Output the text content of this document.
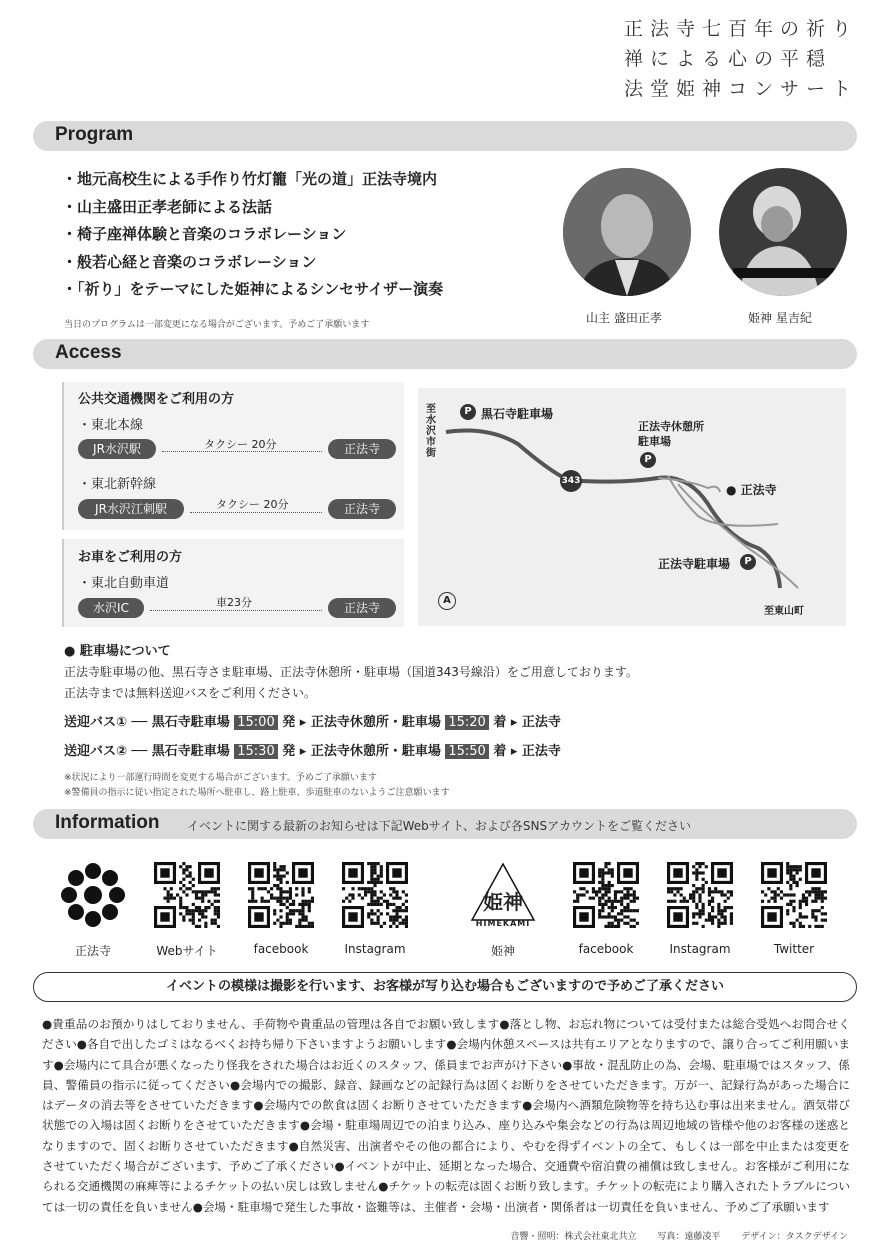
正法寺七百年の祈り
禅による心の平穏
法堂姫神コンサート
Program
・地元高校生による手作り竹灯籠「光の道」正法寺境内
・山主盛田正孝老師による法話
・椅子座禅体験と音楽のコラボレーション
・般若心経と音楽のコラボレーション
・「祈り」をテーマにした姫神によるシンセサイザー演奏
当日のプログラムは一部変更になる場合がございます。予めご了承願います	山主 盛田正孝	姫神 星吉紀
Access
公共交通機関をご利用の方
・東北本線
JR水沢駅	タクシー 20分	正法寺
・東北新幹線
JR水沢江刺駅	タクシー 20分	正法寺
お車をご利用の方
・東北自動車道
水沢IC	車23分	正法寺
P 黒石寺駐車場
正法寺休憩所
駐車場
P
343
● 正法寺
正法寺駐車場	P
至水沢市街
至東山町
A
● 駐車場について
正法寺駐車場の他、黒石寺さま駐車場、正法寺休憩所・駐車場（国道343号線沿）をご用意しております。
正法寺までは無料送迎バスをご利用ください。
送迎バス① ── 黒石寺駐車場 15:00 発 ▸ 正法寺休憩所・駐車場 15:20 着 ▸ 正法寺
送迎バス② ── 黒石寺駐車場 15:30 発 ▸ 正法寺休憩所・駐車場 15:50 着 ▸ 正法寺
※状況により一部運行時間を変更する場合がございます。予めご了承願います
※警備員の指示に従い指定された場所へ駐車し、路上駐車、歩道駐車のないようご注意願います
Information イベントに関する最新のお知らせは下記Webサイト、および各SNSアカウントをご覧ください
正法寺	Webサイト	facebook	Instagram
姫神
HIMEKAMI
姫神	facebook	Instagram	Twitter
イベントの模様は撮影を行います、お客様が写り込む場合もございますので予めご了承ください
●貴重品のお預かりはしておりません、手荷物や貴重品の管理は各自でお願い致します●落とし物、お忘れ物については受付または総合受処へお問合せください●各自で出したゴミはなるべくお持ち帰り下さいますようお願いします●会場内休憩スペースは共有エリアとなりますので、譲り合ってご利用願います●会場内にて具合が悪くなったり怪我をされた場合はお近くのスタッフ、係員までお声がけ下さい●事故・混乱防止の為、会場、駐車場ではスタッフ、係員、警備員の指示に従ってください●会場内での撮影、録音、録画などの記録行為は固くお断りをさせていただきます。万が一、記録行為があった場合にはデータの消去等をさせていただきます●会場内での飲食は固くお断りさせていただきます●会場内へ酒類危険物等を持ち込む事は出来ません。酒気帯び状態での入場は固くお断りをさせていただきます●会場・駐車場周辺での泊まり込み、座り込みや集会などの行為は周辺地域の皆様や他のお客様の迷惑となりますので、固くお断りさせていただきます●自然災害、出演者やその他の都合により、やむを得ずイベントの全て、もしくは一部を中止または変更をさせていただく場合がございます、予めご了承ください●イベントが中止、延期となった場合、交通費や宿泊費の補償は致しません。お客様がご利用になられる交通機関の麻痺等によるチケットの払い戻しは致しません●チケットの転売は固くお断り致します。チケットの転売により購入されたトラブルについては一切の責任を負いません●会場・駐車場で発生した事故・盗難等は、主催者・会場・出演者・関係者は一切責任を負いません、予めご了承願います
音響・照明：株式会社東北共立 写真：遠藤凌平 デザイン：タスクデザイン
